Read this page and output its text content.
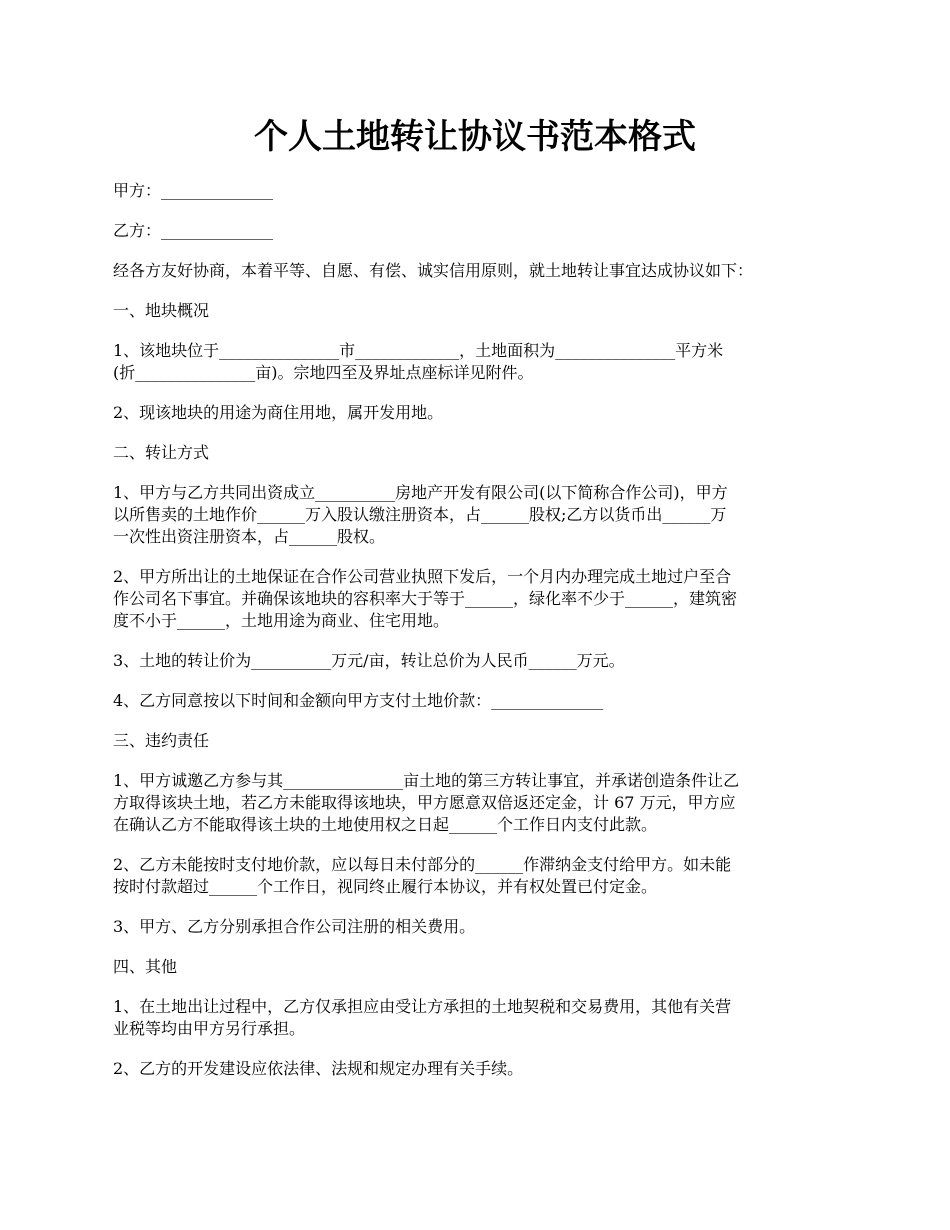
个人土地转让协议书范本格式

甲方：______________

乙方：______________

经各方友好协商，本着平等、自愿、有偿、诚实信用原则，就土地转让事宜达成协议如下：

一、地块概况

1、该地块位于_______________市_____________，土地面积为_______________平方米
(折_______________亩)。宗地四至及界址点座标详见附件。

2、现该地块的用途为商住用地，属开发用地。

二、转让方式

1、甲方与乙方共同出资成立__________房地产开发有限公司(以下简称合作公司)，甲方
以所售卖的土地作价______万入股认缴注册资本，占______股权;乙方以货币出______万
一次性出资注册资本，占______股权。

2、甲方所出让的土地保证在合作公司营业执照下发后，一个月内办理完成土地过户至合
作公司名下事宜。并确保该地块的容积率大于等于______，绿化率不少于______，建筑密
度不小于______，土地用途为商业、住宅用地。

3、土地的转让价为__________万元/亩，转让总价为人民币______万元。

4、乙方同意按以下时间和金额向甲方支付土地价款：______________

三、违约责任

1、甲方诚邀乙方参与其_______________亩土地的第三方转让事宜，并承诺创造条件让乙
方取得该块土地，若乙方未能取得该地块，甲方愿意双倍返还定金，计 67 万元，甲方应
在确认乙方不能取得该土块的土地使用权之日起______个工作日内支付此款。

2、乙方未能按时支付地价款，应以每日未付部分的______作滞纳金支付给甲方。如未能
按时付款超过______个工作日，视同终止履行本协议，并有权处置已付定金。

3、甲方、乙方分别承担合作公司注册的相关费用。

四、其他

1、在土地出让过程中，乙方仅承担应由受让方承担的土地契税和交易费用，其他有关营
业税等均由甲方另行承担。

2、乙方的开发建设应依法律、法规和规定办理有关手续。
